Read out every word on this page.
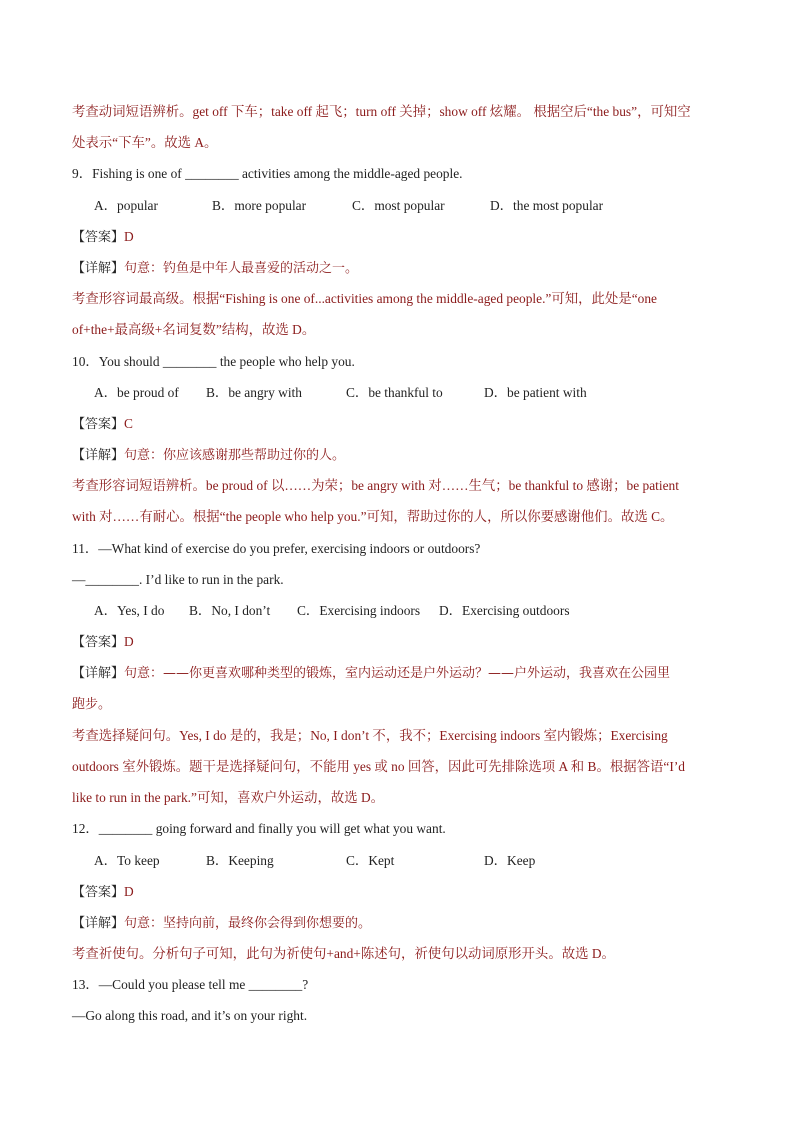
考查动词短语辨析。get off 下车；take off 起飞；turn off 关掉；show off 炫耀。 根据空后“the bus”，可知空
处表示“下车”。故选 A。
9．Fishing is one of ________ activities among the middle-aged people.
A．popular	B．more popular	C．most popular	D．the most popular
【答案】D
【详解】句意：钓鱼是中年人最喜爱的活动之一。
考查形容词最高级。根据“Fishing is one of...activities among the middle-aged people.”可知，此处是“one
of+the+最高级+名词复数”结构，故选 D。
10．You should ________ the people who help you.
A．be proud of	B．be angry with	C．be thankful to	D．be patient with
【答案】C
【详解】句意：你应该感谢那些帮助过你的人。
考查形容词短语辨析。be proud of 以……为荣；be angry with 对……生气；be thankful to 感谢；be patient
with 对……有耐心。根据“the people who help you.”可知，帮助过你的人，所以你要感谢他们。故选 C。
11．—What kind of exercise do you prefer, exercising indoors or outdoors?
—________. I’d like to run in the park.
A．Yes, I do	B．No, I don’t	C．Exercising indoors	D．Exercising outdoors
【答案】D
【详解】句意：——你更喜欢哪种类型的锻炼，室内运动还是户外运动？——户外运动，我喜欢在公园里
跑步。
考查选择疑问句。Yes, I do 是的，我是；No, I don’t 不，我不；Exercising indoors 室内锻炼；Exercising
outdoors 室外锻炼。题干是选择疑问句，不能用 yes 或 no 回答，因此可先排除选项 A 和 B。根据答语“I’d
like to run in the park.”可知，喜欢户外运动，故选 D。
12．________ going forward and finally you will get what you want.
A．To keep	B．Keeping	C．Kept	D．Keep
【答案】D
【详解】句意：坚持向前，最终你会得到你想要的。
考查祈使句。分析句子可知，此句为祈使句+and+陈述句，祈使句以动词原形开头。故选 D。
13．—Could you please tell me ________?
—Go along this road, and it’s on your right.
